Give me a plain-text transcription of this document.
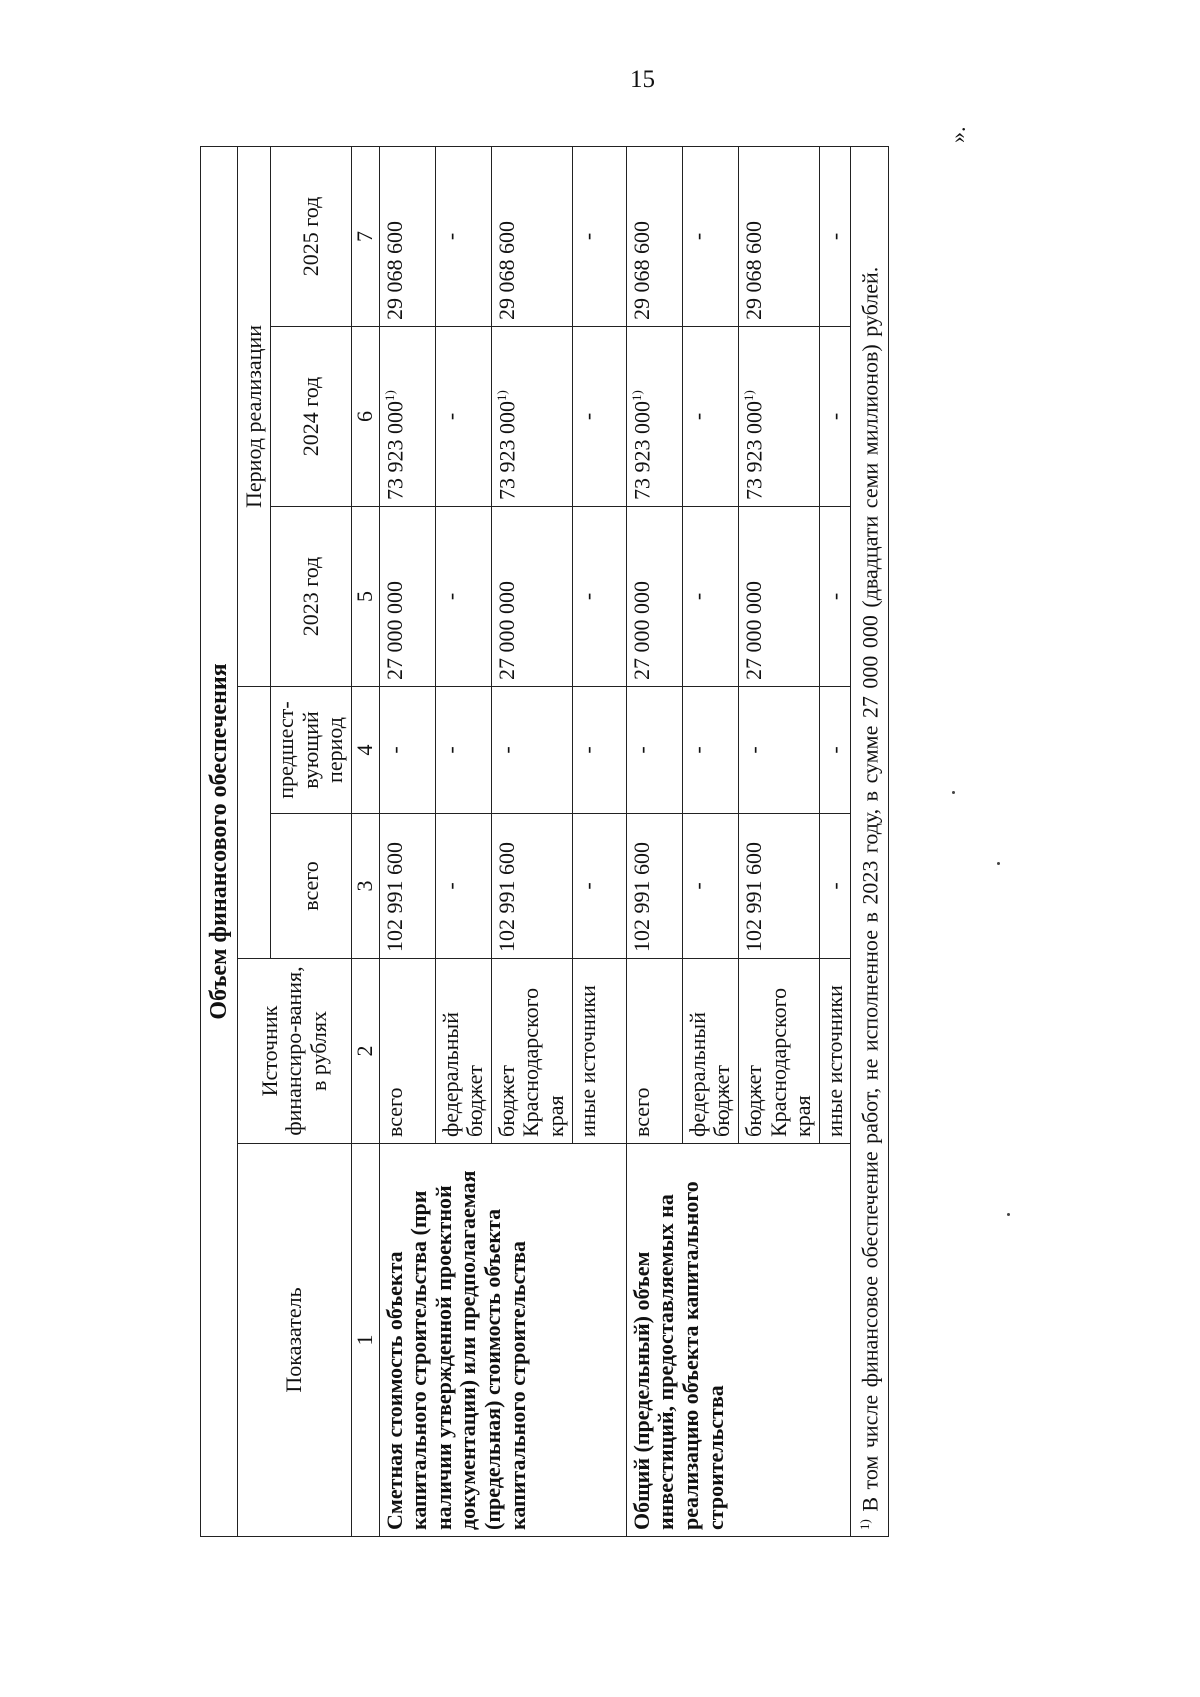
15
».
Объем финансового обеспечения						
Показатель	Источник финансиро-вания, в рублях			Период реализации		
		всего	предшест-вующий период	2023 год	2024 год	2025 год
1	2	3	4	5	6	7
Сметная стоимость объекта капитального строительства (при наличии утвержденной проектной документации) или предполагаемая (предельная) стоимость объекта капитального строительства	всего	102 991 600	-	27 000 000	73 923 000$^{1)}$	29 068 600
	федеральный бюджет	-	-	-	-	-
	бюджет Краснодарского края	102 991 600	-	27 000 000	73 923 000$^{1)}$	29 068 600
	иные источники	-	-	-	-	-
Общий (предельный) объем инвестиций, предоставляемых на реализацию объекта капитального строительства	всего	102 991 600	-	27 000 000	73 923 000$^{1)}$	29 068 600
	федеральный бюджет	-	-	-	-	-
	бюджет Краснодарского края	102 991 600	-	27 000 000	73 923 000$^{1)}$	29 068 600
	иные источники	-	-	-	-	-
$^{1)}$ В том числе финансовое обеспечение работ, не исполненное в 2023 году, в сумме 27 000 000 (двадцати семи миллионов) рублей.						
